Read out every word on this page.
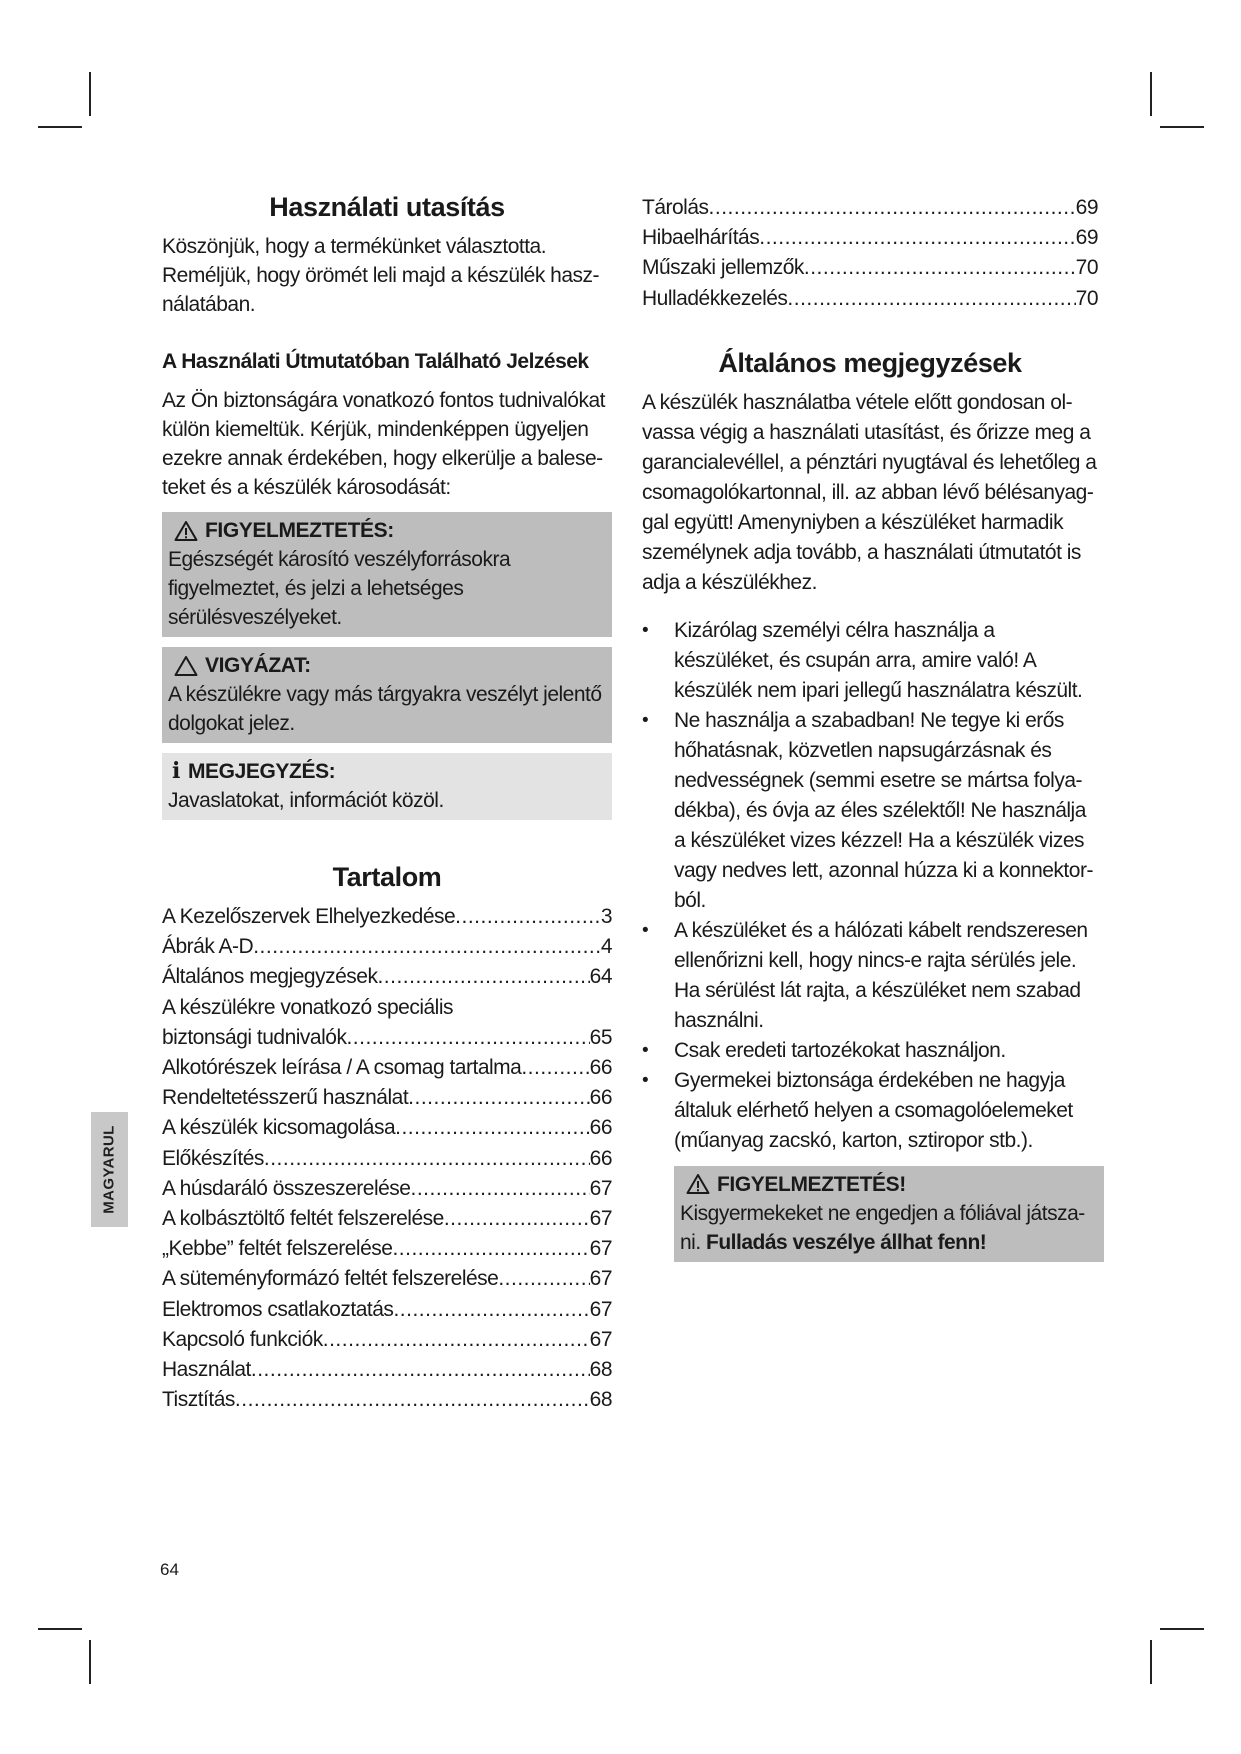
Használati utasítás

Köszönjük, hogy a termékünket választotta. Reméljük, hogy örömét leli majd a készülék használatában.

A Használati Útmutatóban Található Jelzések

Az Ön biztonságára vonatkozó fontos tudnivalókat külön kiemeltük. Kérjük, mindenképpen ügyeljen ezekre annak érdekében, hogy elkerülje a baleseteket és a készülék károsodását:

FIGYELMEZTETÉS:
Egészségét károsító veszélyforrásokra figyelmeztet, és jelzi a lehetséges sérülésveszélyeket.
VIGYÁZAT:
A készülékre vagy más tárgyakra veszélyt jelentő dolgokat jelez.
i MEGJEGYZÉS:
Javaslatokat, információt közöl.
Tartalom
A Kezelőszervek Elhelyezkedése .....	3
Ábrák A-D .....	4
Általános megjegyzések .....	64
A készülékre vonatkozó speciális
biztonsági tudnivalók .....	65
Alkotórészek leírása / A csomag tartalma .....	66
Rendeltetésszerű használat .....	66
A készülék kicsomagolása .....	66
Előkészítés .....	66
A húsdaráló összeszerelése .....	67
A kolbásztöltő feltét felszerelése .....	67
„Kebbe” feltét felszerelése .....	67
A süteményformázó feltét felszerelése .....	67
Elektromos csatlakoztatás .....	67
Kapcsoló funkciók .....	67
Használat .....	68
Tisztítás .....	68
Tárolás .....	69
Hibaelhárítás .....	69
Műszaki jellemzők .....	70
Hulladékkezelés .....	70
Általános megjegyzések

A készülék használatba vétele előtt gondosan olvassa végig a használati utasítást, és őrizze meg a garancialevéllel, a pénztári nyugtával és lehetőleg a csomagolókartonnal, ill. az abban lévő bélésanyaggal együtt! Amenyniyben a készüléket harmadik személynek adja tovább, a használati útmutatót is adja a készülékhez.

• Kizárólag személyi célra használja a készüléket, és csupán arra, amire való! A készülék nem ipari jellegű használatra készült.
• Ne használja a szabadban! Ne tegye ki erős hőhatásnak, közvetlen napsugárzásnak és nedvességnek (semmi esetre se mártsa folyadékba), és óvja az éles szélektől! Ne használja a készüléket vizes kézzel! Ha a készülék vizes vagy nedves lett, azonnal húzza ki a konnektorból.
• A készüléket és a hálózati kábelt rendszeresen ellenőrizni kell, hogy nincs-e rajta sérülés jele. Ha sérülést lát rajta, a készüléket nem szabad használni.
• Csak eredeti tartozékokat használjon.
• Gyermekei biztonsága érdekében ne hagyja általuk elérhető helyen a csomagolóelemeket (műanyag zacskó, karton, sztiropor stb.).
FIGYELMEZTETÉS!
Kisgyermekeket ne engedjen a fóliával játszani. Fulladás veszélye állhat fenn!
MAGYARUL
64
